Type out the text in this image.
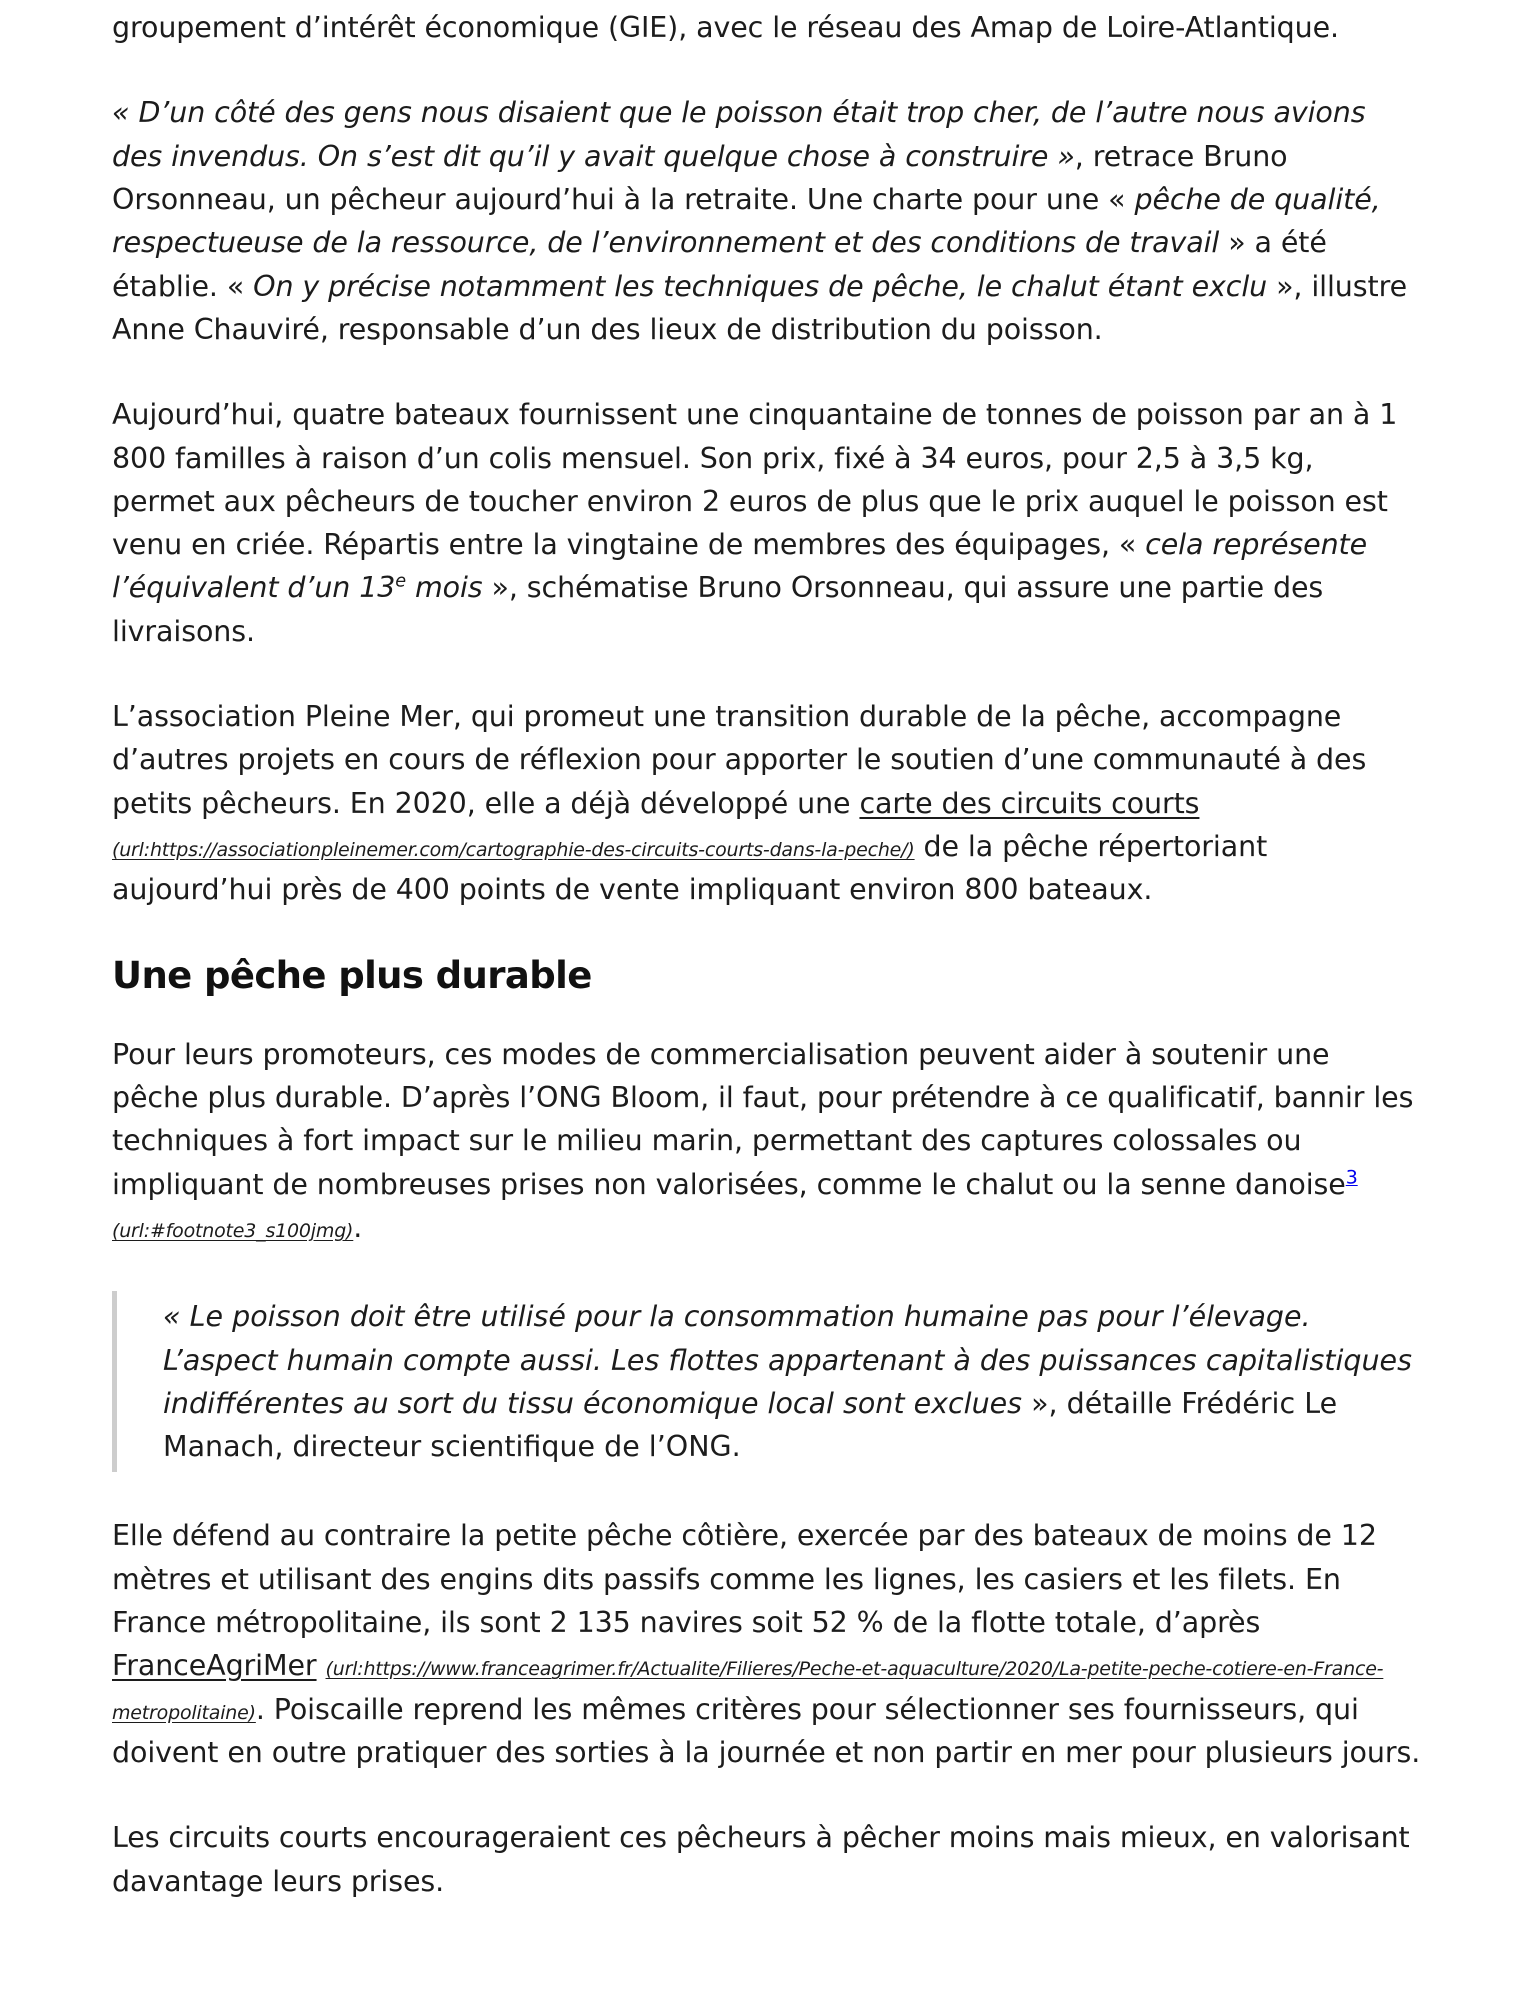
groupement d’intérêt économique (GIE), avec le réseau des Amap de Loire-Atlantique.

« D’un côté des gens nous disaient que le poisson était trop cher, de l’autre nous avions des invendus. On s’est dit qu’il y avait quelque chose à construire », retrace Bruno Orsonneau, un pêcheur aujourd’hui à la retraite. Une charte pour une « pêche de qualité, respectueuse de la ressource, de l’environnement et des conditions de travail » a été établie. « On y précise notamment les techniques de pêche, le chalut étant exclu », illustre Anne Chauviré, responsable d’un des lieux de distribution du poisson.

Aujourd’hui, quatre bateaux fournissent une cinquantaine de tonnes de poisson par an à 1 800 familles à raison d’un colis mensuel. Son prix, fixé à 34 euros, pour 2,5 à 3,5 kg, permet aux pêcheurs de toucher environ 2 euros de plus que le prix auquel le poisson est venu en criée. Répartis entre la vingtaine de membres des équipages, « cela représente l’équivalent d’un 13e mois », schématise Bruno Orsonneau, qui assure une partie des livraisons.

L’association Pleine Mer, qui promeut une transition durable de la pêche, accompagne d’autres projets en cours de réflexion pour apporter le soutien d’une communauté à des petits pêcheurs. En 2020, elle a déjà développé une carte des circuits courts (url:https://associationpleinemer.com/cartographie-des-circuits-courts-dans-la-peche/) de la pêche répertoriant aujourd’hui près de 400 points de vente impliquant environ 800 bateaux.

Une pêche plus durable

Pour leurs promoteurs, ces modes de commercialisation peuvent aider à soutenir une pêche plus durable. D’après l’ONG Bloom, il faut, pour prétendre à ce qualificatif, bannir les techniques à fort impact sur le milieu marin, permettant des captures colossales ou impliquant de nombreuses prises non valorisées, comme le chalut ou la senne danoise$^3$
(url:#footnote3_s100jmg).

« Le poisson doit être utilisé pour la consommation humaine pas pour l’élevage. L’aspect humain compte aussi. Les flottes appartenant à des puissances capitalistiques indifférentes au sort du tissu économique local sont exclues », détaille Frédéric Le Manach, directeur scientifique de l’ONG.

Elle défend au contraire la petite pêche côtière, exercée par des bateaux de moins de 12 mètres et utilisant des engins dits passifs comme les lignes, les casiers et les filets. En France métropolitaine, ils sont 2 135 navires soit 52 % de la flotte totale, d’après FranceAgriMer (url:https://www.franceagrimer.fr/Actualite/Filieres/Peche-et-aquaculture/2020/La-petite-peche-cotiere-en-France-metropolitaine). Poiscaille reprend les mêmes critères pour sélectionner ses fournisseurs, qui doivent en outre pratiquer des sorties à la journée et non partir en mer pour plusieurs jours.

Les circuits courts encourageraient ces pêcheurs à pêcher moins mais mieux, en valorisant davantage leurs prises.
